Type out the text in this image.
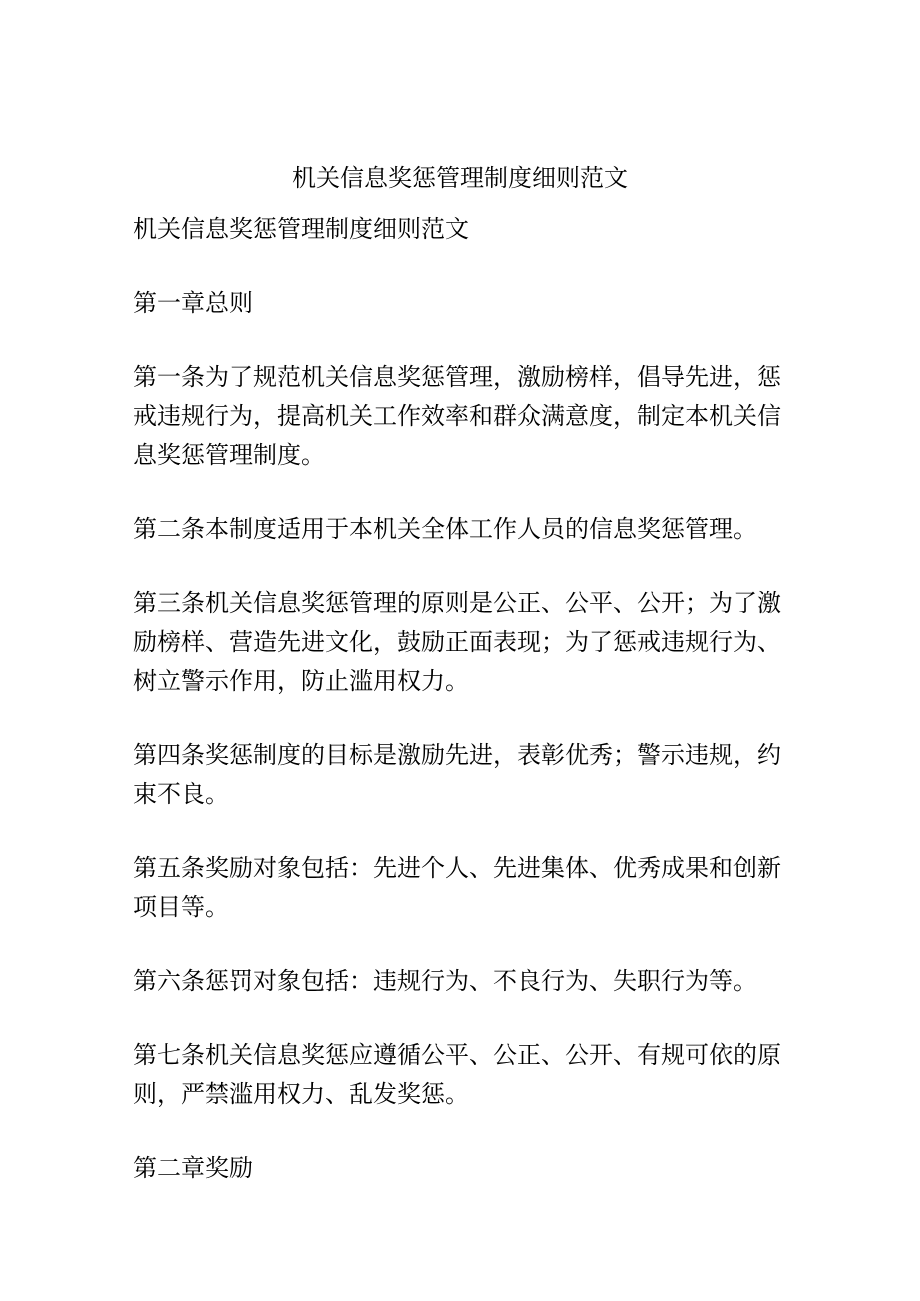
机关信息奖惩管理制度细则范文

机关信息奖惩管理制度细则范文

第一章总则

第一条为了规范机关信息奖惩管理，激励榜样，倡导先进，惩戒违规行为，提高机关工作效率和群众满意度，制定本机关信息奖惩管理制度。

第二条本制度适用于本机关全体工作人员的信息奖惩管理。

第三条机关信息奖惩管理的原则是公正、公平、公开；为了激励榜样、营造先进文化，鼓励正面表现；为了惩戒违规行为、树立警示作用，防止滥用权力。

第四条奖惩制度的目标是激励先进，表彰优秀；警示违规，约束不良。

第五条奖励对象包括：先进个人、先进集体、优秀成果和创新项目等。

第六条惩罚对象包括：违规行为、不良行为、失职行为等。

第七条机关信息奖惩应遵循公平、公正、公开、有规可依的原则，严禁滥用权力、乱发奖惩。

第二章奖励
